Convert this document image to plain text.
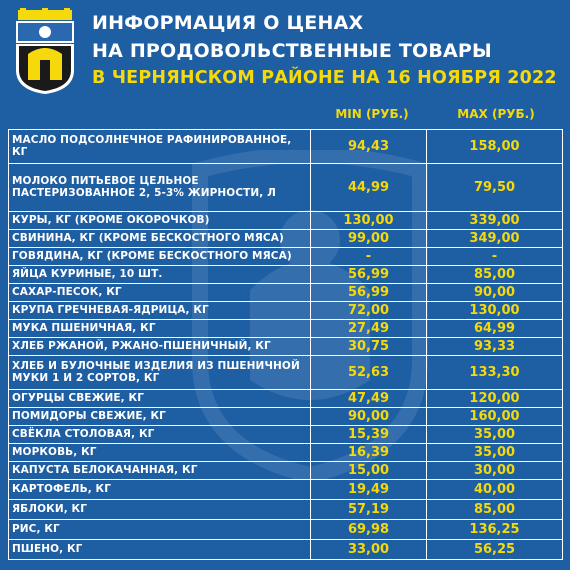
ИНФОРМАЦИЯ О ЦЕНАХ
НА ПРОДОВОЛЬСТВЕННЫЕ ТОВАРЫ
В ЧЕРНЯНСКОМ РАЙОНЕ НА 16 НОЯБРЯ 2022
MIN (РУБ.)	MAX (РУБ.)
МАСЛО ПОДСОЛНЕЧНОЕ РАФИНИРОВАННОЕ, КГ	94,43	158,00
МОЛОКО ПИТЬЕВОЕ ЦЕЛЬНОЕ ПАСТЕРИЗОВАННОЕ 2, 5-3% ЖИРНОСТИ, Л	44,99	79,50
КУРЫ, КГ (КРОМЕ ОКОРОЧКОВ)	130,00	339,00
СВИНИНА, КГ (КРОМЕ БЕСКОСТНОГО МЯСА)	99,00	349,00
ГОВЯДИНА, КГ (КРОМЕ БЕСКОСТНОГО МЯСА)	-	-
ЯЙЦА КУРИНЫЕ, 10 ШТ.	56,99	85,00
САХАР-ПЕСОК, КГ	56,99	90,00
КРУПА ГРЕЧНЕВАЯ-ЯДРИЦА, КГ	72,00	130,00
МУКА ПШЕНИЧНАЯ, КГ	27,49	64,99
ХЛЕБ РЖАНОЙ, РЖАНО-ПШЕНИЧНЫЙ, КГ	30,75	93,33
ХЛЕБ И БУЛОЧНЫЕ ИЗДЕЛИЯ ИЗ ПШЕНИЧНОЙ МУКИ 1 И 2 СОРТОВ, КГ	52,63	133,30
ОГУРЦЫ СВЕЖИЕ, КГ	47,49	120,00
ПОМИДОРЫ СВЕЖИЕ, КГ	90,00	160,00
СВЁКЛА СТОЛОВАЯ, КГ	15,39	35,00
МОРКОВЬ, КГ	16,39	35,00
КАПУСТА БЕЛОКАЧАННАЯ, КГ	15,00	30,00
КАРТОФЕЛЬ, КГ	19,49	40,00
ЯБЛОКИ, КГ	57,19	85,00
РИС, КГ	69,98	136,25
ПШЕНО, КГ	33,00	56,25
